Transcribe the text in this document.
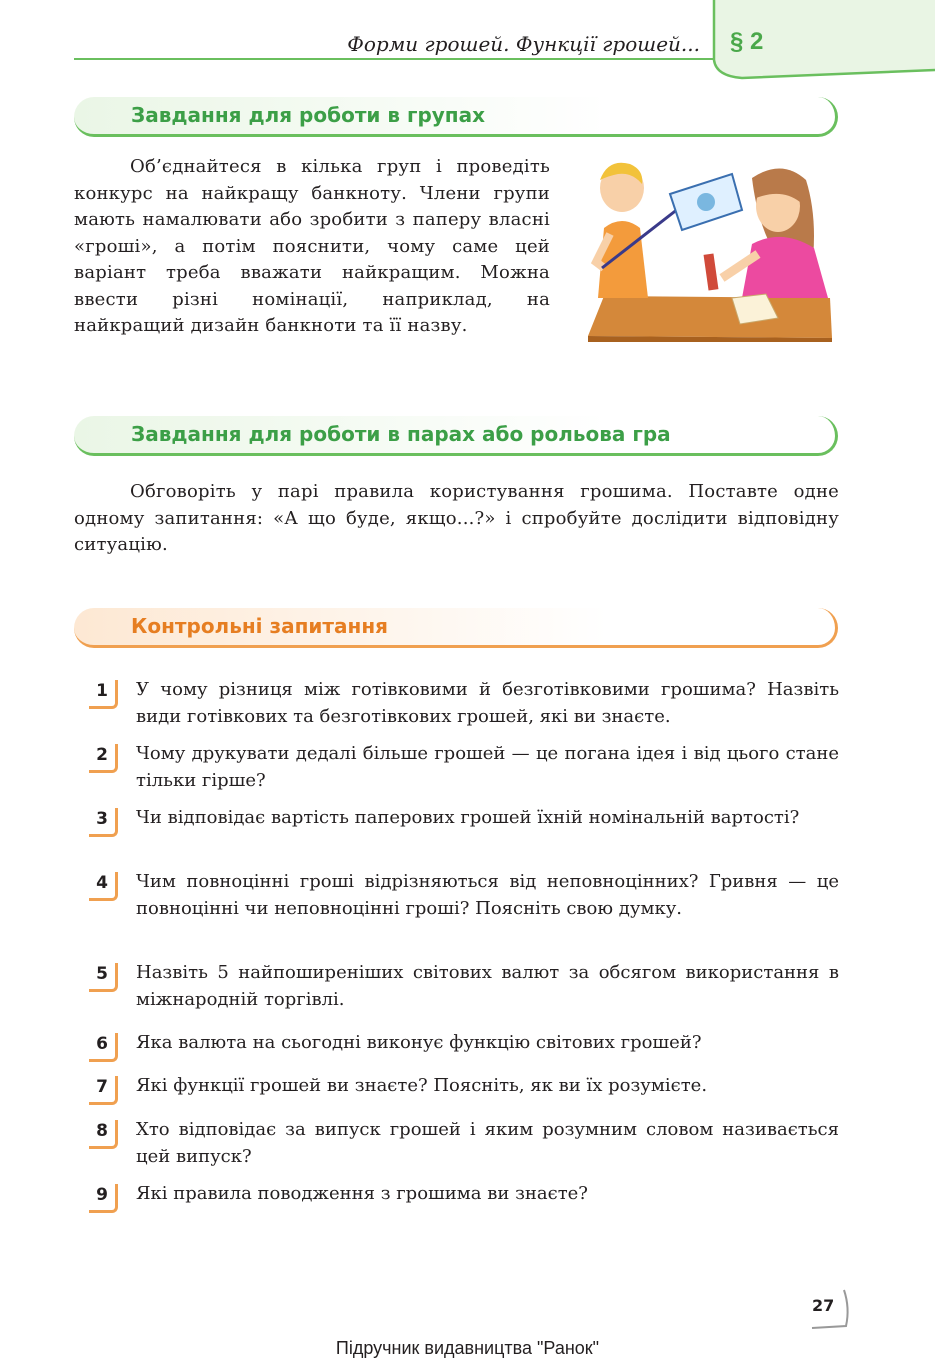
Форми грошей. Функції грошей... § 2
Завдання для роботи в групах

Об’єднайтеся в кілька груп і проведіть конкурс на найкращу банкноту. Члени групи мають намалювати або зробити з паперу власні «гроші», а потім пояснити, чому саме цей варіант треба вважати найкращим. Можна ввести різні номінації, наприклад, на найкращий дизайн банкноти та її назву.

Завдання для роботи в парах або рольова гра

Обговоріть у парі правила користування грошима. Поставте одне одному запитання: «А що буде, якщо...?» і спробуйте дослідити відповідну ситуацію.

Контрольні запитання
1	У чому різниця між готівковими й безготівковими грошима? Назвіть види готівкових та безготівкових грошей, які ви знаєте.

2	Чому друкувати дедалі більше грошей — це погана ідея і від цього стане тільки гірше?

3	Чи відповідає вартість паперових грошей їхній номінальній вартості?

4	Чим повноцінні гроші відрізняються від неповноцінних? Гривня — це повноцінні чи неповноцінні гроші? Поясніть свою думку.

5	Назвіть 5 найпоширеніших світових валют за обсягом використання в міжнародній торгівлі.

6	Яка валюта на сьогодні виконує функцію світових грошей?

7	Які функції грошей ви знаєте? Поясніть, як ви їх розумієте.

8	Хто відповідає за випуск грошей і яким розумним словом називається цей випуск?

9	Які правила поводження з грошима ви знаєте?

27
Підручник видавництва "Ранок"
